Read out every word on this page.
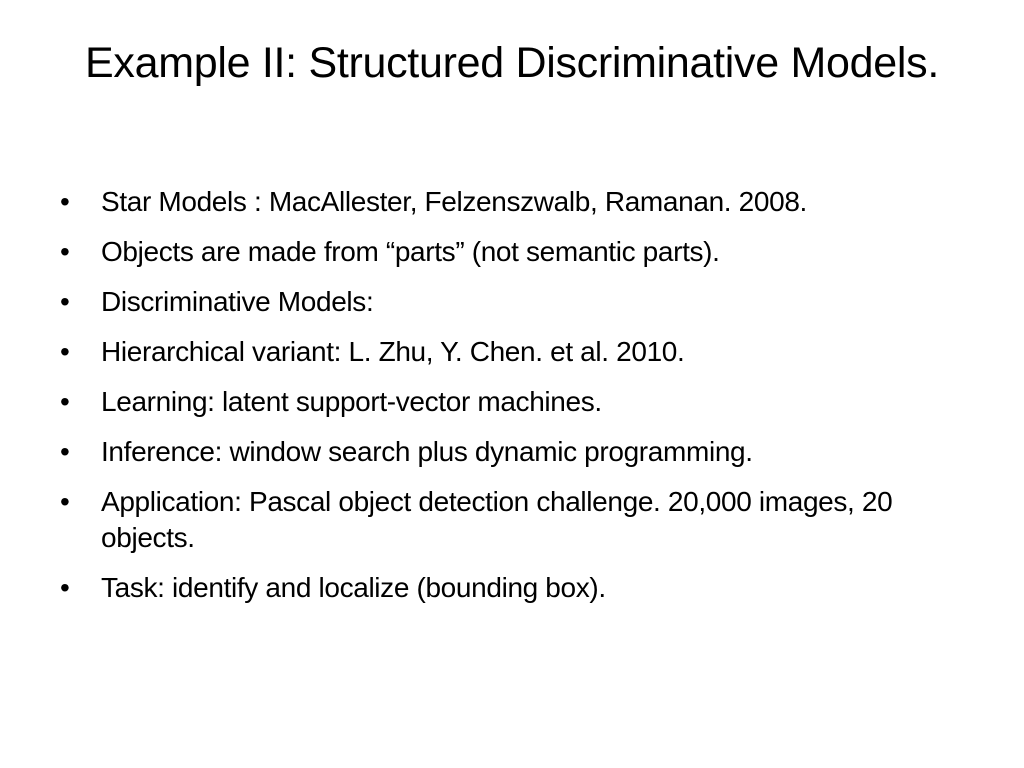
Example II: Structured Discriminative Models.
•	Star Models : MacAllester, Felzenszwalb, Ramanan. 2008.
•	Objects are made from “parts” (not semantic parts).
•	Discriminative Models:
•	Hierarchical variant: L. Zhu, Y. Chen. et al. 2010.
•	Learning: latent support-vector machines.
•	Inference: window search plus dynamic programming.
•	Application: Pascal object detection challenge. 20,000 images, 20 objects.
•	Task: identify and localize (bounding box).
